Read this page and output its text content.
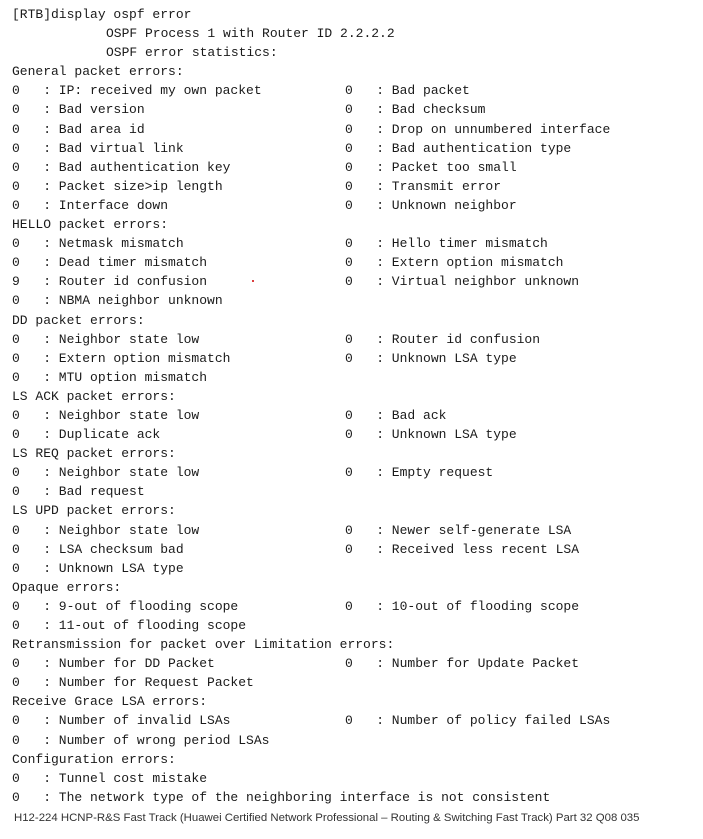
[RTB]display ospf error
OSPF Process 1 with Router ID 2.2.2.2
OSPF error statistics:
General packet errors:
0   : IP: received my own packet	0   : Bad packet
0   : Bad version	0   : Bad checksum
0   : Bad area id	0   : Drop on unnumbered interface
0   : Bad virtual link	0   : Bad authentication type
0   : Bad authentication key	0   : Packet too small
0   : Packet size>ip length	0   : Transmit error
0   : Interface down	0   : Unknown neighbor
HELLO packet errors:
0   : Netmask mismatch	0   : Hello timer mismatch
0   : Dead timer mismatch	0   : Extern option mismatch
9   : Router id confusion	0   : Virtual neighbor unknown
0   : NBMA neighbor unknown
DD packet errors:
0   : Neighbor state low	0   : Router id confusion
0   : Extern option mismatch	0   : Unknown LSA type
0   : MTU option mismatch
LS ACK packet errors:
0   : Neighbor state low	0   : Bad ack
0   : Duplicate ack	0   : Unknown LSA type
LS REQ packet errors:
0   : Neighbor state low	0   : Empty request
0   : Bad request
LS UPD packet errors:
0   : Neighbor state low	0   : Newer self-generate LSA
0   : LSA checksum bad	0   : Received less recent LSA
0   : Unknown LSA type
Opaque errors:
0   : 9-out of flooding scope	0   : 10-out of flooding scope
0   : 11-out of flooding scope
Retransmission for packet over Limitation errors:
0   : Number for DD Packet	0   : Number for Update Packet
0   : Number for Request Packet
Receive Grace LSA errors:
0   : Number of invalid LSAs	0   : Number of policy failed LSAs
0   : Number of wrong period LSAs
Configuration errors:
0   : Tunnel cost mistake
0   : The network type of the neighboring interface is not consistent
H12-224 HCNP-R&S Fast Track (Huawei Certified Network Professional – Routing & Switching Fast Track) Part 32 Q08 035
